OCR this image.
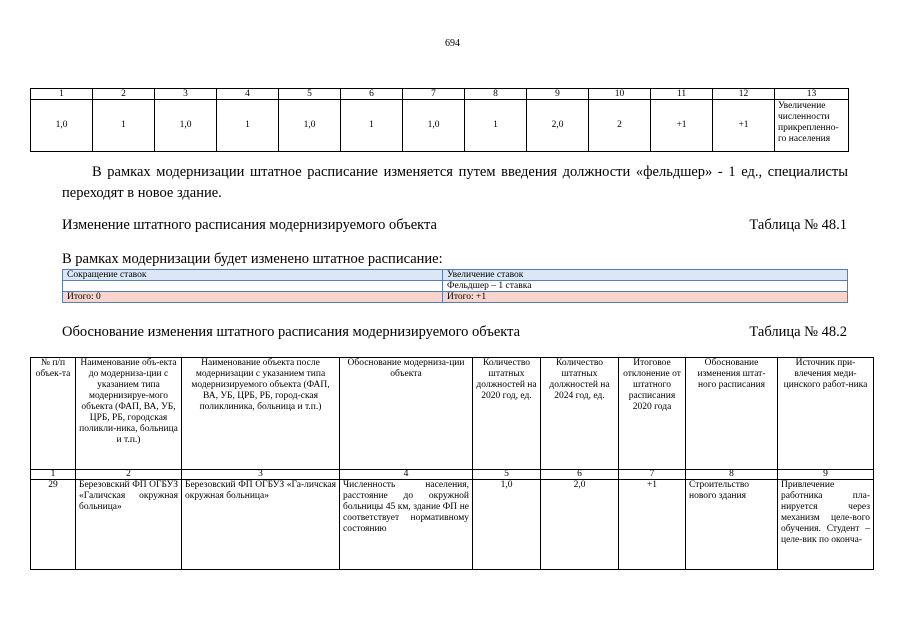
694
1	2	3	4	5	6	7	8	9	10	11	12	13
1,0	1	1,0	1	1,0	1	1,0	1	2,0	2	+1	+1	Увеличение численности прикрепленно-го населения
В рамках модернизации штатное расписание изменяется путем введения должности «фельдшер» - 1 ед., специалисты переходят в новое здание.
Изменение штатного расписания модернизируемого объекта	Таблица № 48.1
В рамках модернизации будет изменено штатное расписание:
Сокращение ставок	Увеличение ставок
	Фельдшер – 1 ставка
Итого: 0	Итого: +1
Обоснование изменения штатного расписания модернизируемого объекта	Таблица № 48.2
№ п/п объек-та	Наименование объ-екта до модерниза-ции с указанием типа модернизируе-мого объекта (ФАП, ВА, УБ, ЦРБ, РБ, городская поликли-ника, больница и т.п.)	Наименование объекта после модернизации с указанием типа модернизируемого объекта (ФАП, ВА, УБ, ЦРБ, РБ, город-ская поликлиника, больница и т.п.)	Обоснование модерниза-ции объекта	Количество штатных должностей на 2020 год, ед.	Количество штатных должностей на 2024 год, ед.	Итоговое отклонение от штатного расписания 2020 года	Обоснование изменения штат-ного расписания	Источник при-влечения меди-цинского работ-ника
1	2	3	4	5	6	7	8	9
29	Березовский ФП ОГБУЗ «Галичская окружная больница»	Березовский ФП ОГБУЗ «Га-личская окружная больница»	Численность населения, расстояние до окружной больницы 45 км, здание ФП не соответствует нормативному состоянию	1,0	2,0	+1	Строительство нового здания	Привлечение работника пла-нируется через механизм целе-вого обучения. Студент – целе-вик по оконча-
